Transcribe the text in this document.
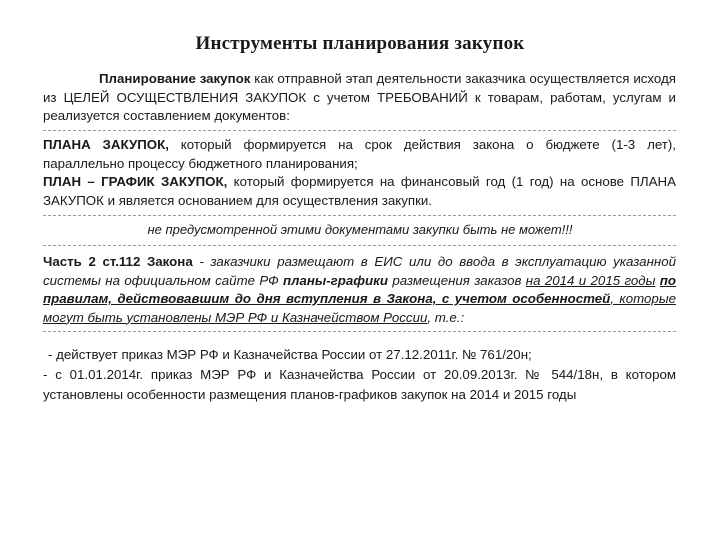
Инструменты планирования закупок
Планирование закупок как отправной этап деятельности заказчика осуществляется исходя из ЦЕЛЕЙ ОСУЩЕСТВЛЕНИЯ ЗАКУПОК с учетом ТРЕБОВАНИЙ к товарам, работам, услугам и реализуется составлением документов:
ПЛАНА ЗАКУПОК, который формируется на срок действия закона о бюджете (1-3 лет),
параллельно процессу бюджетного планирования;
ПЛАН – ГРАФИК ЗАКУПОК, который формируется на финансовый год (1 год) на основе ПЛАНА ЗАКУПОК и является основанием для осуществления закупки.
не предусмотренной этими документами закупки быть не может!!!
Часть 2 ст.112 Закона - заказчики размещают в ЕИС или до ввода в эксплуатацию указанной системы на официальном сайте РФ планы-графики размещения заказов на 2014 и 2015 годы по правилам, действовавшим до дня вступления в Закона, с учетом особенностей, которые могут быть установлены МЭР РФ и Казначейством России, т.е.:
- действует приказ МЭР РФ и Казначейства России от 27.12.2011г. № 761/20н;
- с 01.01.2014г. приказ МЭР РФ и Казначейства России от 20.09.2013г. № 544/18н, в котором установлены особенности размещения планов-графиков закупок на 2014 и 2015 годы
